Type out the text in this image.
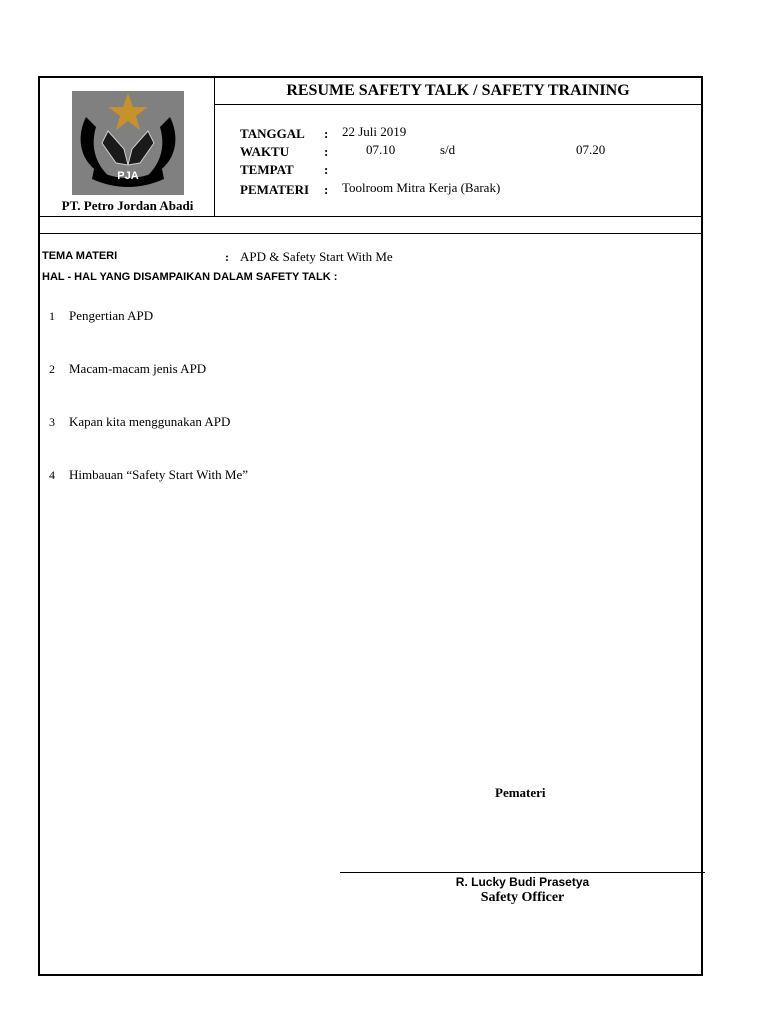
PJA
PT. Petro Jordan Abadi
RESUME SAFETY TALK / SAFETY TRAINING
TANGGAL : 22 Juli 2019
WAKTU	:	07.10	s/d	07.20
TEMPAT :
PEMATERI : Toolroom Mitra Kerja (Barak)
TEMA MATERI	: APD & Safety Start With Me
HAL - HAL YANG DISAMPAIKAN DALAM SAFETY TALK :
1 Pengertian APD
2 Macam-macam jenis APD
3 Kapan kita menggunakan APD
4 Himbauan “Safety Start With Me”
Pemateri
R. Lucky Budi Prasetya
Safety Officer
